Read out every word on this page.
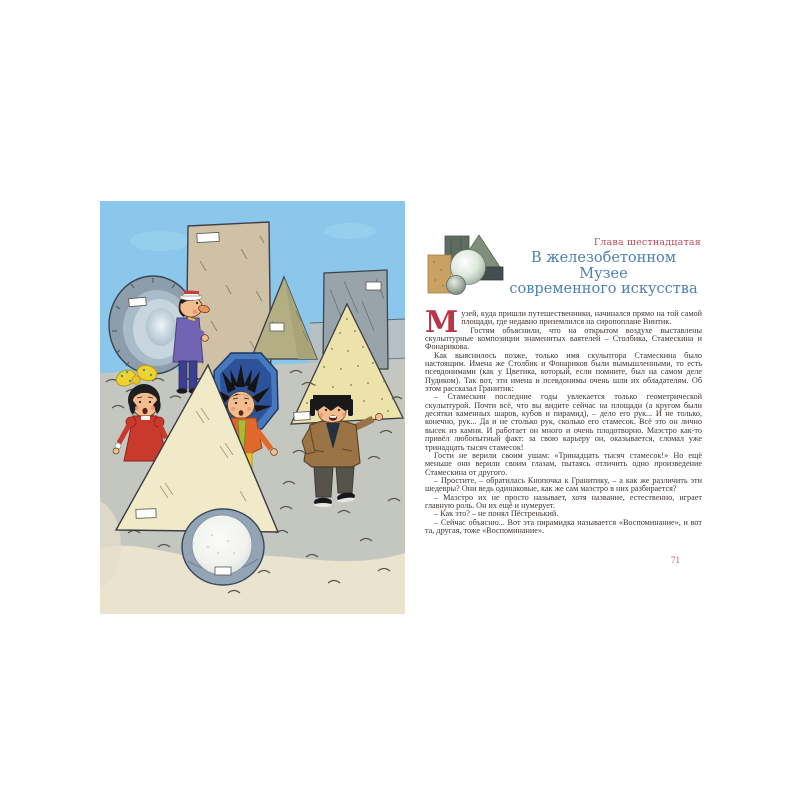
Глава шестнадцатая
В железобетонном Музее
современного искусства

Музей, куда пришли путешественники, начинался прямо на той самой площади, где недавно приземлился на сиропоплане Винтик.

Гостям объяснили, что на открытом воздухе выставлены скульптурные композиции знаменитых ваятелей – Столбика, Стамескина и Фонарикова.

Как выяснилось позже, только имя скульптора Стамескина было настоящим. Имена же Столбик и Фонариков были вымышленными, то есть псевдонимами (как у Цветика, который, если помните, был на самом деле Пудиком). Так вот, эти имена и псевдонимы очень шли их обладателям. Об этом рассказал Гранитик:

– Стамескин последние годы увлекается только геометрической скульптурой. Почти всё, что вы видите сейчас на площади (а кругом были десятки каменных шаров, кубов и пирамид), – дело его рук... И не только, конечно, рук... Да и не столько рук, сколько его стамесок. Всё это он лично высек из камня. И работает он много и очень плодотворно. Маэстро как-то привёл любопытный факт: за свою карьеру он, оказывается, сломал уже тринадцать тысяч стамесок!

Гости не верили своим ушам: «Тринадцать тысяч стамесок!» Но ещё меньше они верили своим глазам, пытаясь отличить одно произведение Стамескина от другого.

– Простите, – обратилась Кнопочка к Гранитику, – а как же различить эти шедевры? Они ведь одинаковые, как же сам маэстро в них разбирается?

– Маэстро их не просто называет, хотя название, естественно, играет главную роль. Он их ещё и нумерует.

– Как это? – не понял Пёстренький.

– Сейчас объясню... Вот эта пирамидка называется «Воспоминание», и вот та, другая, тоже «Воспоминание».

71
